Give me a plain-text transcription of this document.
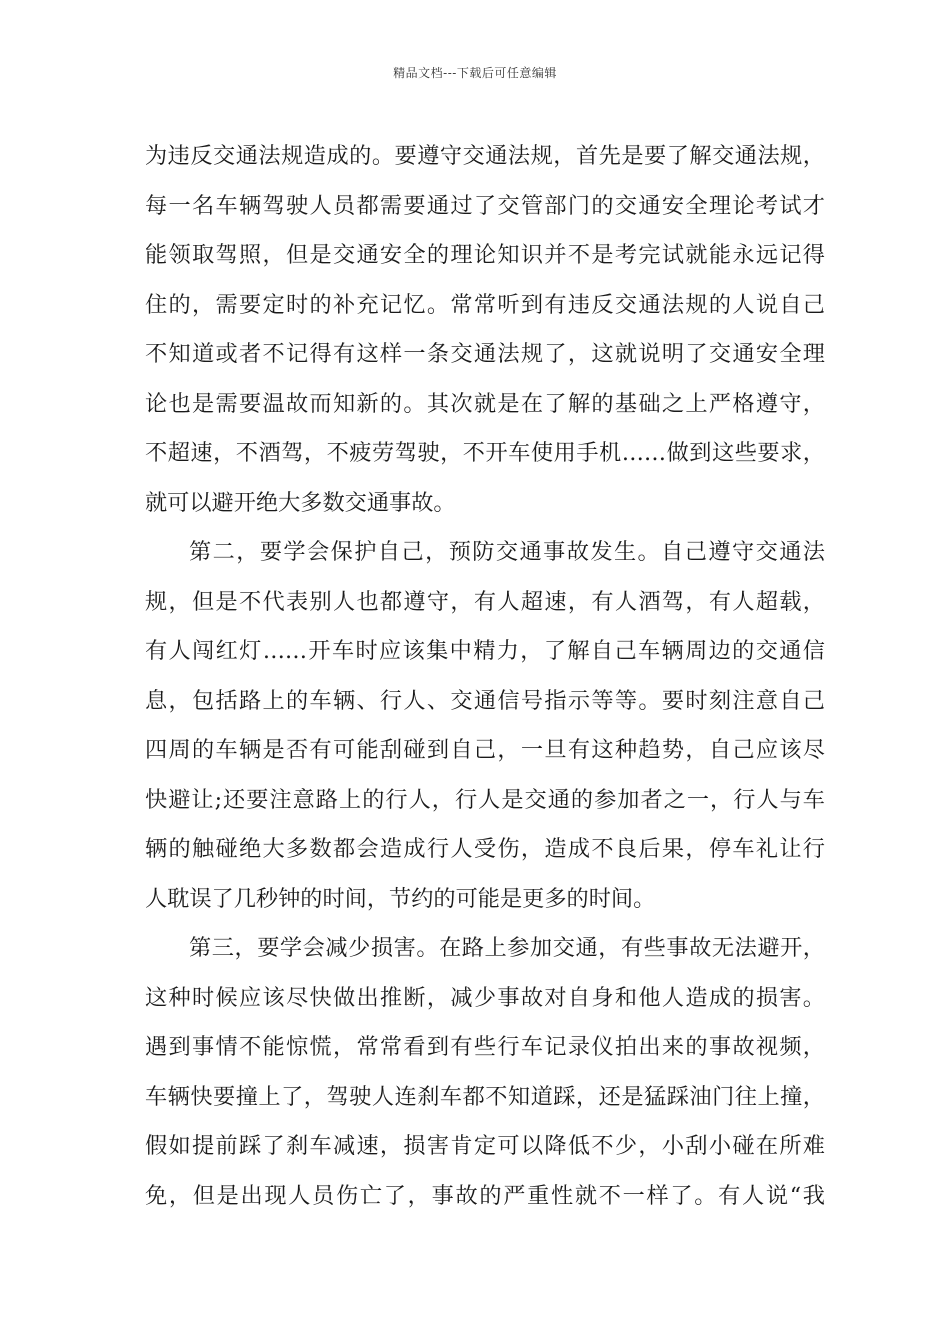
精品文档---下载后可任意编辑
为违反交通法规造成的。要遵守交通法规，首先是要了解交通法规，
每一名车辆驾驶人员都需要通过了交管部门的交通安全理论考试才
能领取驾照，但是交通安全的理论知识并不是考完试就能永远记得
住的，需要定时的补充记忆。常常听到有违反交通法规的人说自己
不知道或者不记得有这样一条交通法规了，这就说明了交通安全理
论也是需要温故而知新的。其次就是在了解的基础之上严格遵守，
不超速，不酒驾，不疲劳驾驶，不开车使用手机……做到这些要求，
就可以避开绝大多数交通事故。
第二，要学会保护自己，预防交通事故发生。自己遵守交通法
规，但是不代表别人也都遵守，有人超速，有人酒驾，有人超载，
有人闯红灯……开车时应该集中精力，了解自己车辆周边的交通信
息，包括路上的车辆、行人、交通信号指示等等。要时刻注意自己
四周的车辆是否有可能刮碰到自己，一旦有这种趋势，自己应该尽
快避让;还要注意路上的行人，行人是交通的参加者之一，行人与车
辆的触碰绝大多数都会造成行人受伤，造成不良后果，停车礼让行
人耽误了几秒钟的时间，节约的可能是更多的时间。
第三，要学会减少损害。在路上参加交通，有些事故无法避开，
这种时候应该尽快做出推断，减少事故对自身和他人造成的损害。
遇到事情不能惊慌，常常看到有些行车记录仪拍出来的事故视频，
车辆快要撞上了，驾驶人连刹车都不知道踩，还是猛踩油门往上撞，
假如提前踩了刹车减速，损害肯定可以降低不少，小刮小碰在所难
免，但是出现人员伤亡了，事故的严重性就不一样了。有人说“我
